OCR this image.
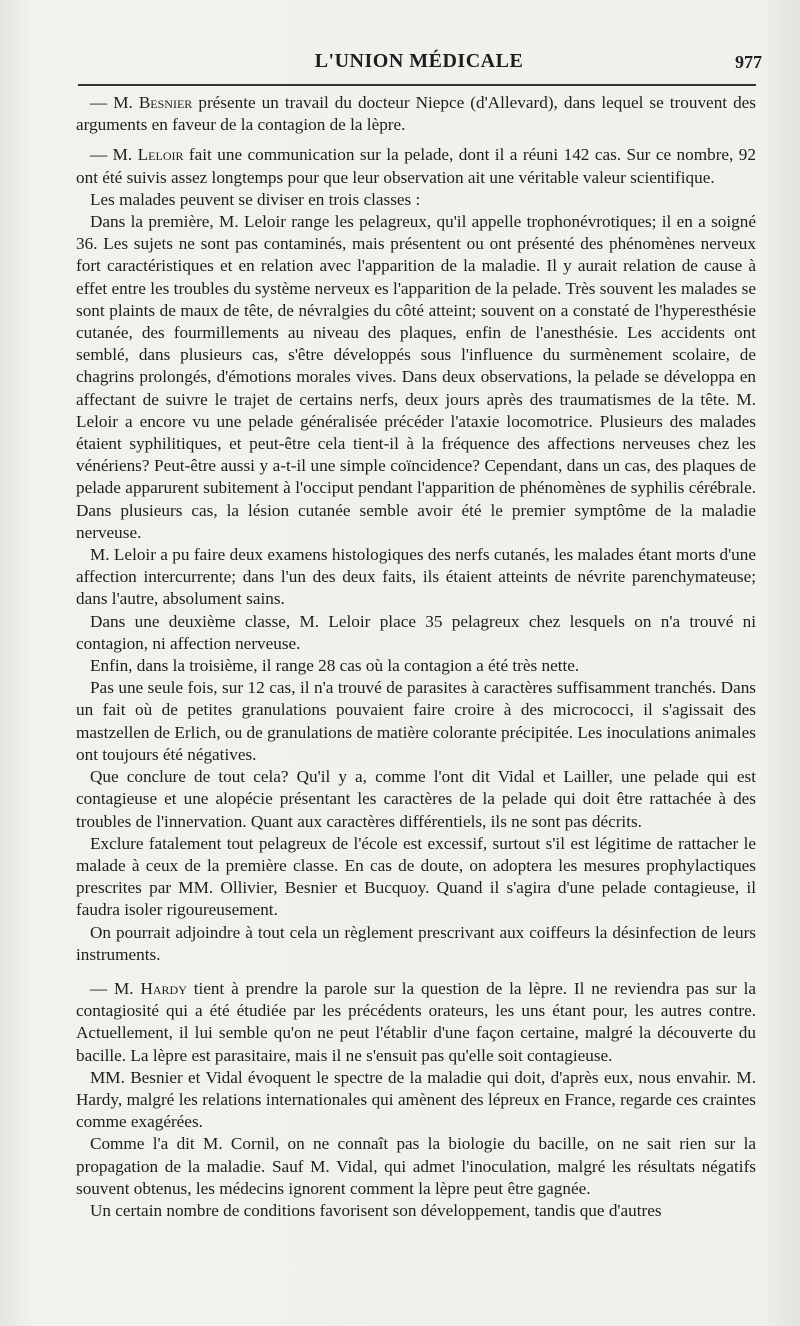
L'UNION MÉDICALE	977

— M. Besnier présente un travail du docteur Niepce (d'Allevard), dans lequel se trouvent des arguments en faveur de la contagion de la lèpre.

— M. Leloir fait une communication sur la pelade, dont il a réuni 142 cas. Sur ce nombre, 92 ont été suivis assez longtemps pour que leur observation ait une véritable valeur scientifique.

Les malades peuvent se diviser en trois classes :

Dans la première, M. Leloir range les pelagreux, qu'il appelle trophonévrotiques; il en a soigné 36. Les sujets ne sont pas contaminés, mais présentent ou ont présenté des phénomènes nerveux fort caractéristiques et en relation avec l'apparition de la maladie. Il y aurait relation de cause à effet entre les troubles du système nerveux es l'apparition de la pelade. Très souvent les malades se sont plaints de maux de tête, de névralgies du côté atteint; souvent on a constaté de l'hyperesthésie cutanée, des fourmillements au niveau des plaques, enfin de l'anesthésie. Les accidents ont semblé, dans plusieurs cas, s'être développés sous l'influence du surmènement scolaire, de chagrins prolongés, d'émotions morales vives. Dans deux observations, la pelade se développa en affectant de suivre le trajet de certains nerfs, deux jours après des traumatismes de la tête. M. Leloir a encore vu une pelade généralisée précéder l'ataxie locomotrice. Plusieurs des malades étaient syphilitiques, et peut-être cela tient-il à la fréquence des affections nerveuses chez les vénériens? Peut-être aussi y a-t-il une simple coïncidence? Cependant, dans un cas, des plaques de pelade apparurent subitement à l'occiput pendant l'apparition de phénomènes de syphilis cérébrale. Dans plusieurs cas, la lésion cutanée semble avoir été le premier symptôme de la maladie nerveuse.

M. Leloir a pu faire deux examens histologiques des nerfs cutanés, les malades étant morts d'une affection intercurrente; dans l'un des deux faits, ils étaient atteints de névrite parenchymateuse; dans l'autre, absolument sains.

Dans une deuxième classe, M. Leloir place 35 pelagreux chez lesquels on n'a trouvé ni contagion, ni affection nerveuse.

Enfin, dans la troisième, il range 28 cas où la contagion a été très nette.

Pas une seule fois, sur 12 cas, il n'a trouvé de parasites à caractères suffisamment tranchés. Dans un fait où de petites granulations pouvaient faire croire à des micrococci, il s'agissait des mastzellen de Erlich, ou de granulations de matière colorante précipitée. Les inoculations animales ont toujours été négatives.

Que conclure de tout cela? Qu'il y a, comme l'ont dit Vidal et Lailler, une pelade qui est contagieuse et une alopécie présentant les caractères de la pelade qui doit être rattachée à des troubles de l'innervation. Quant aux caractères différentiels, ils ne sont pas décrits.

Exclure fatalement tout pelagreux de l'école est excessif, surtout s'il est légitime de rattacher le malade à ceux de la première classe. En cas de doute, on adoptera les mesures prophylactiques prescrites par MM. Ollivier, Besnier et Bucquoy. Quand il s'agira d'une pelade contagieuse, il faudra isoler rigoureusement.

On pourrait adjoindre à tout cela un règlement prescrivant aux coiffeurs la désinfection de leurs instruments.

— M. Hardy tient à prendre la parole sur la question de la lèpre. Il ne reviendra pas sur la contagiosité qui a été étudiée par les précédents orateurs, les uns étant pour, les autres contre. Actuellement, il lui semble qu'on ne peut l'établir d'une façon certaine, malgré la découverte du bacille. La lèpre est parasitaire, mais il ne s'ensuit pas qu'elle soit contagieuse.

MM. Besnier et Vidal évoquent le spectre de la maladie qui doit, d'après eux, nous envahir. M. Hardy, malgré les relations internationales qui amènent des lépreux en France, regarde ces craintes comme exagérées.

Comme l'a dit M. Cornil, on ne connaît pas la biologie du bacille, on ne sait rien sur la propagation de la maladie. Sauf M. Vidal, qui admet l'inoculation, malgré les résultats négatifs souvent obtenus, les médecins ignorent comment la lèpre peut être gagnée.

Un certain nombre de conditions favorisent son développement, tandis que d'autres
